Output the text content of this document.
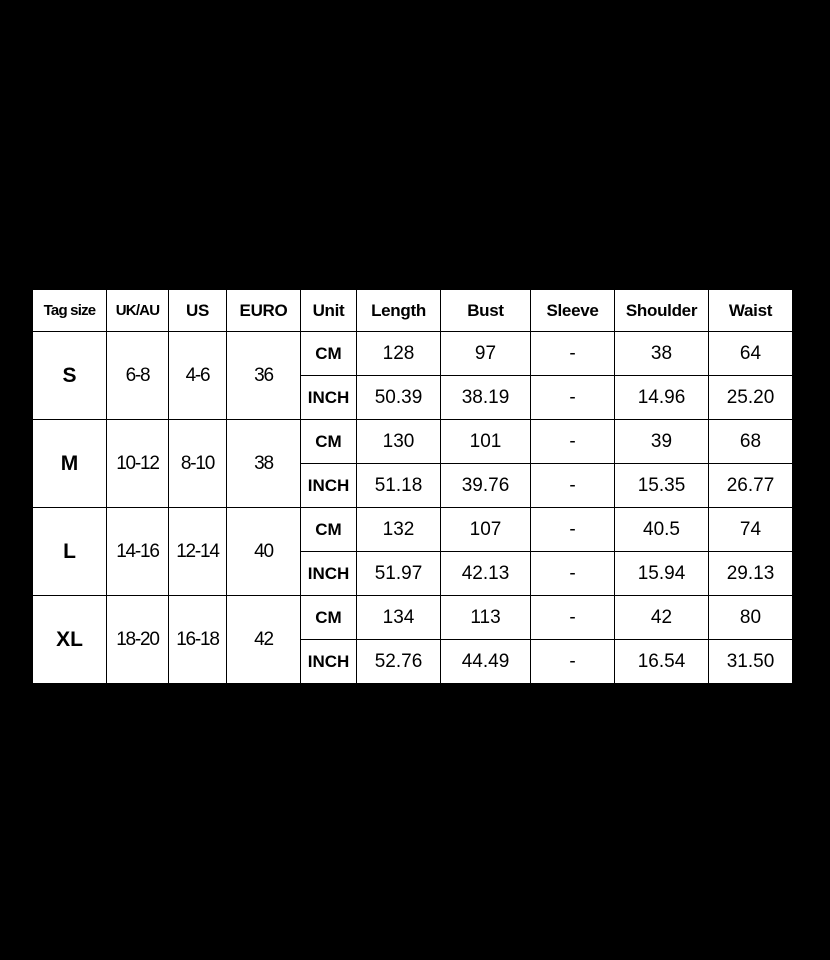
Tag size	UK/AU	US	EURO	Unit	Length	Bust	Sleeve	Shoulder	Waist
S	6-8	4-6	36	CM	128	97	-	38	64
				INCH	50.39	38.19	-	14.96	25.20
M	10-12	8-10	38	CM	130	101	-	39	68
				INCH	51.18	39.76	-	15.35	26.77
L	14-16	12-14	40	CM	132	107	-	40.5	74
				INCH	51.97	42.13	-	15.94	29.13
XL	18-20	16-18	42	CM	134	113	-	42	80
				INCH	52.76	44.49	-	16.54	31.50
